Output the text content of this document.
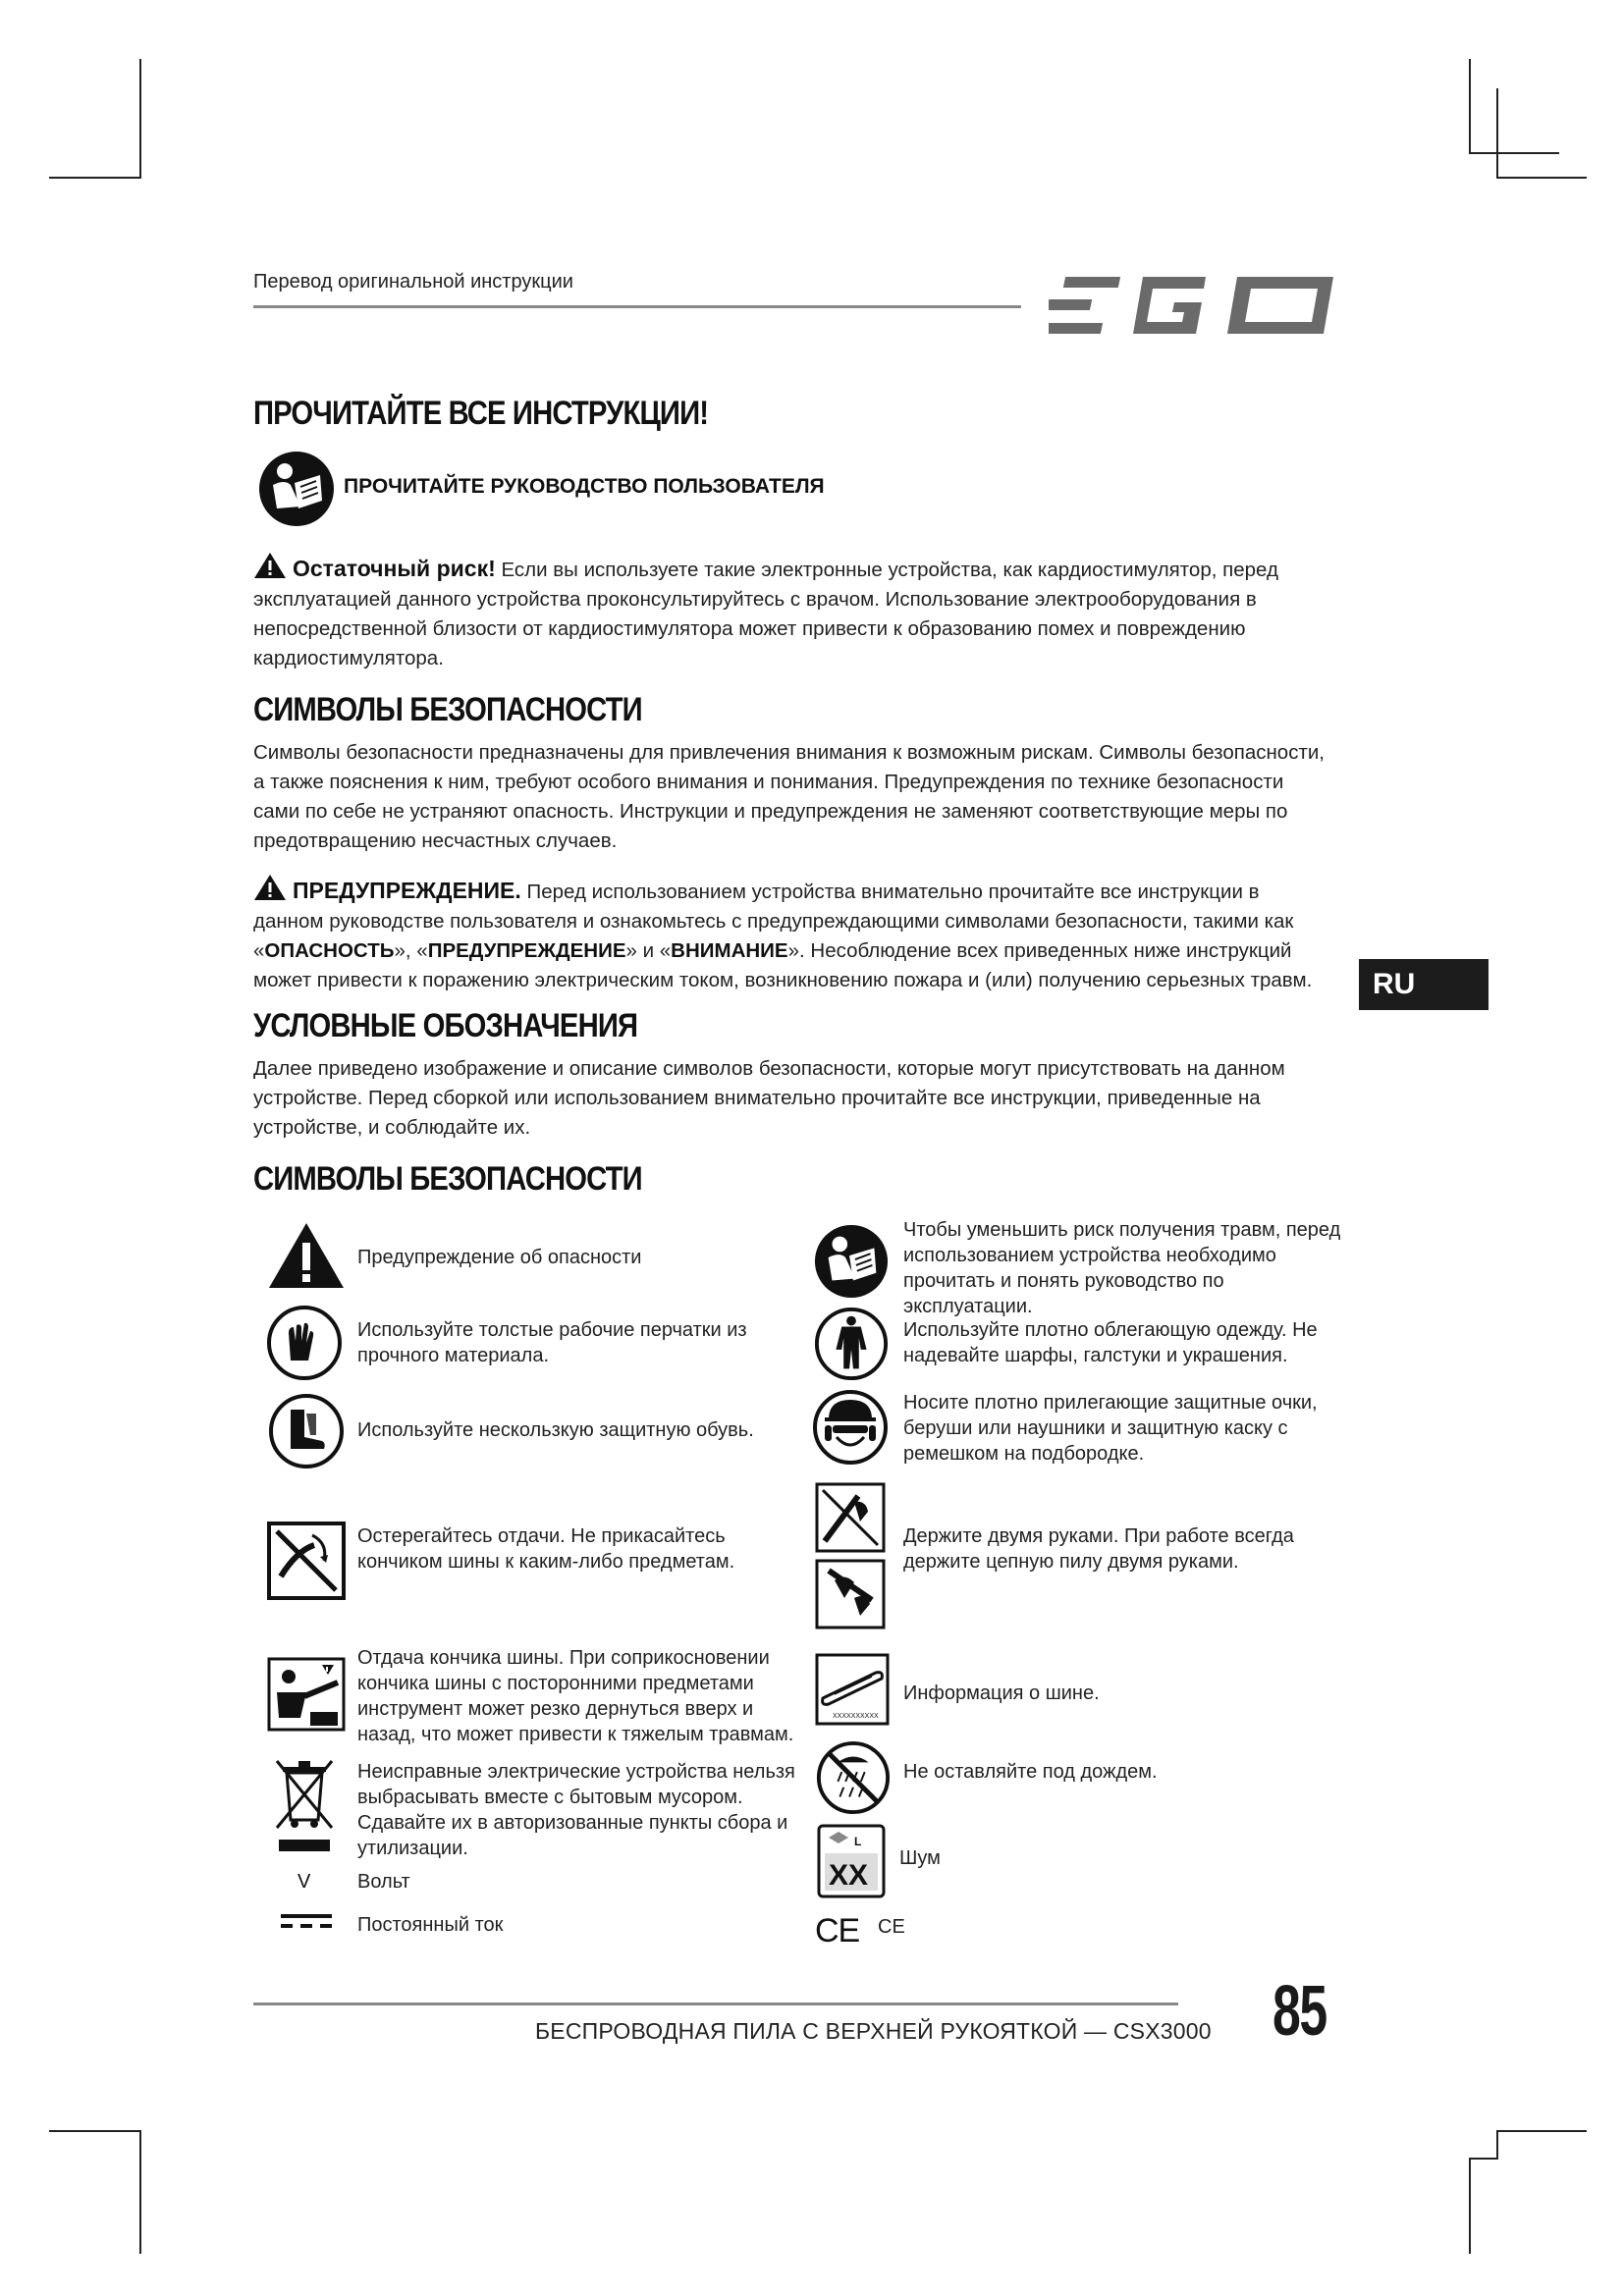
Перевод оригинальной инструкции
ПРОЧИТАЙТЕ ВСЕ ИНСТРУКЦИИ!
ПРОЧИТАЙТЕ РУКОВОДСТВО ПОЛЬЗОВАТЕЛЯ
Остаточный риск! Если вы используете такие электронные устройства, как кардиостимулятор, перед эксплуатацией данного устройства проконсультируйтесь с врачом. Использование электрооборудования в непосредственной близости от кардиостимулятора может привести к образованию помех и повреждению кардиостимулятора.
СИМВОЛЫ БЕЗОПАСНОСТИ
Символы безопасности предназначены для привлечения внимания к возможным рискам. Символы безопасности, а также пояснения к ним, требуют особого внимания и понимания. Предупреждения по технике безопасности сами по себе не устраняют опасность. Инструкции и предупреждения не заменяют соответствующие меры по предотвращению несчастных случаев.
ПРЕДУПРЕЖДЕНИЕ. Перед использованием устройства внимательно прочитайте все инструкции в данном руководстве пользователя и ознакомьтесь с предупреждающими символами безопасности, такими как «ОПАСНОСТЬ», «ПРЕДУПРЕЖДЕНИЕ» и «ВНИМАНИЕ». Несоблюдение всех приведенных ниже инструкций может привести к поражению электрическим током, возникновению пожара и (или) получению серьезных травм.	RU
УСЛОВНЫЕ ОБОЗНАЧЕНИЯ
Далее приведено изображение и описание символов безопасности, которые могут присутствовать на данном устройстве. Перед сборкой или использованием внимательно прочитайте все инструкции, приведенные на устройстве, и соблюдайте их.
СИМВОЛЫ БЕЗОПАСНОСТИ
Предупреждение об опасности
Используйте толстые рабочие перчатки из прочного материала.
Используйте нескользкую защитную обувь.
Остерегайтесь отдачи. Не прикасайтесь кончиком шины к каким-либо предметам.
Отдача кончика шины. При соприкосновении кончика шины с посторонними предметами инструмент может резко дернуться вверх и назад, что может привести к тяжелым травмам.
Неисправные электрические устройства нельзя выбрасывать вместе с бытовым мусором. Сдавайте их в авторизованные пункты сбора и утилизации.
V Вольт
Постоянный ток
Чтобы уменьшить риск получения травм, перед использованием устройства необходимо прочитать и понять руководство по эксплуатации.
Используйте плотно облегающую одежду. Не надевайте шарфы, галстуки и украшения.
Носите плотно прилегающие защитные очки, беруши или наушники и защитную каску с ремешком на подбородке.
Держите двумя руками. При работе всегда держите цепную пилу двумя руками.
XXXXXXXXXX
Информация о шине.
Не оставляйте под дождем.
L
XX
Шум
CE CE
БЕСПРОВОДНАЯ ПИЛА С ВЕРХНЕЙ РУКОЯТКОЙ — CSX3000 85
